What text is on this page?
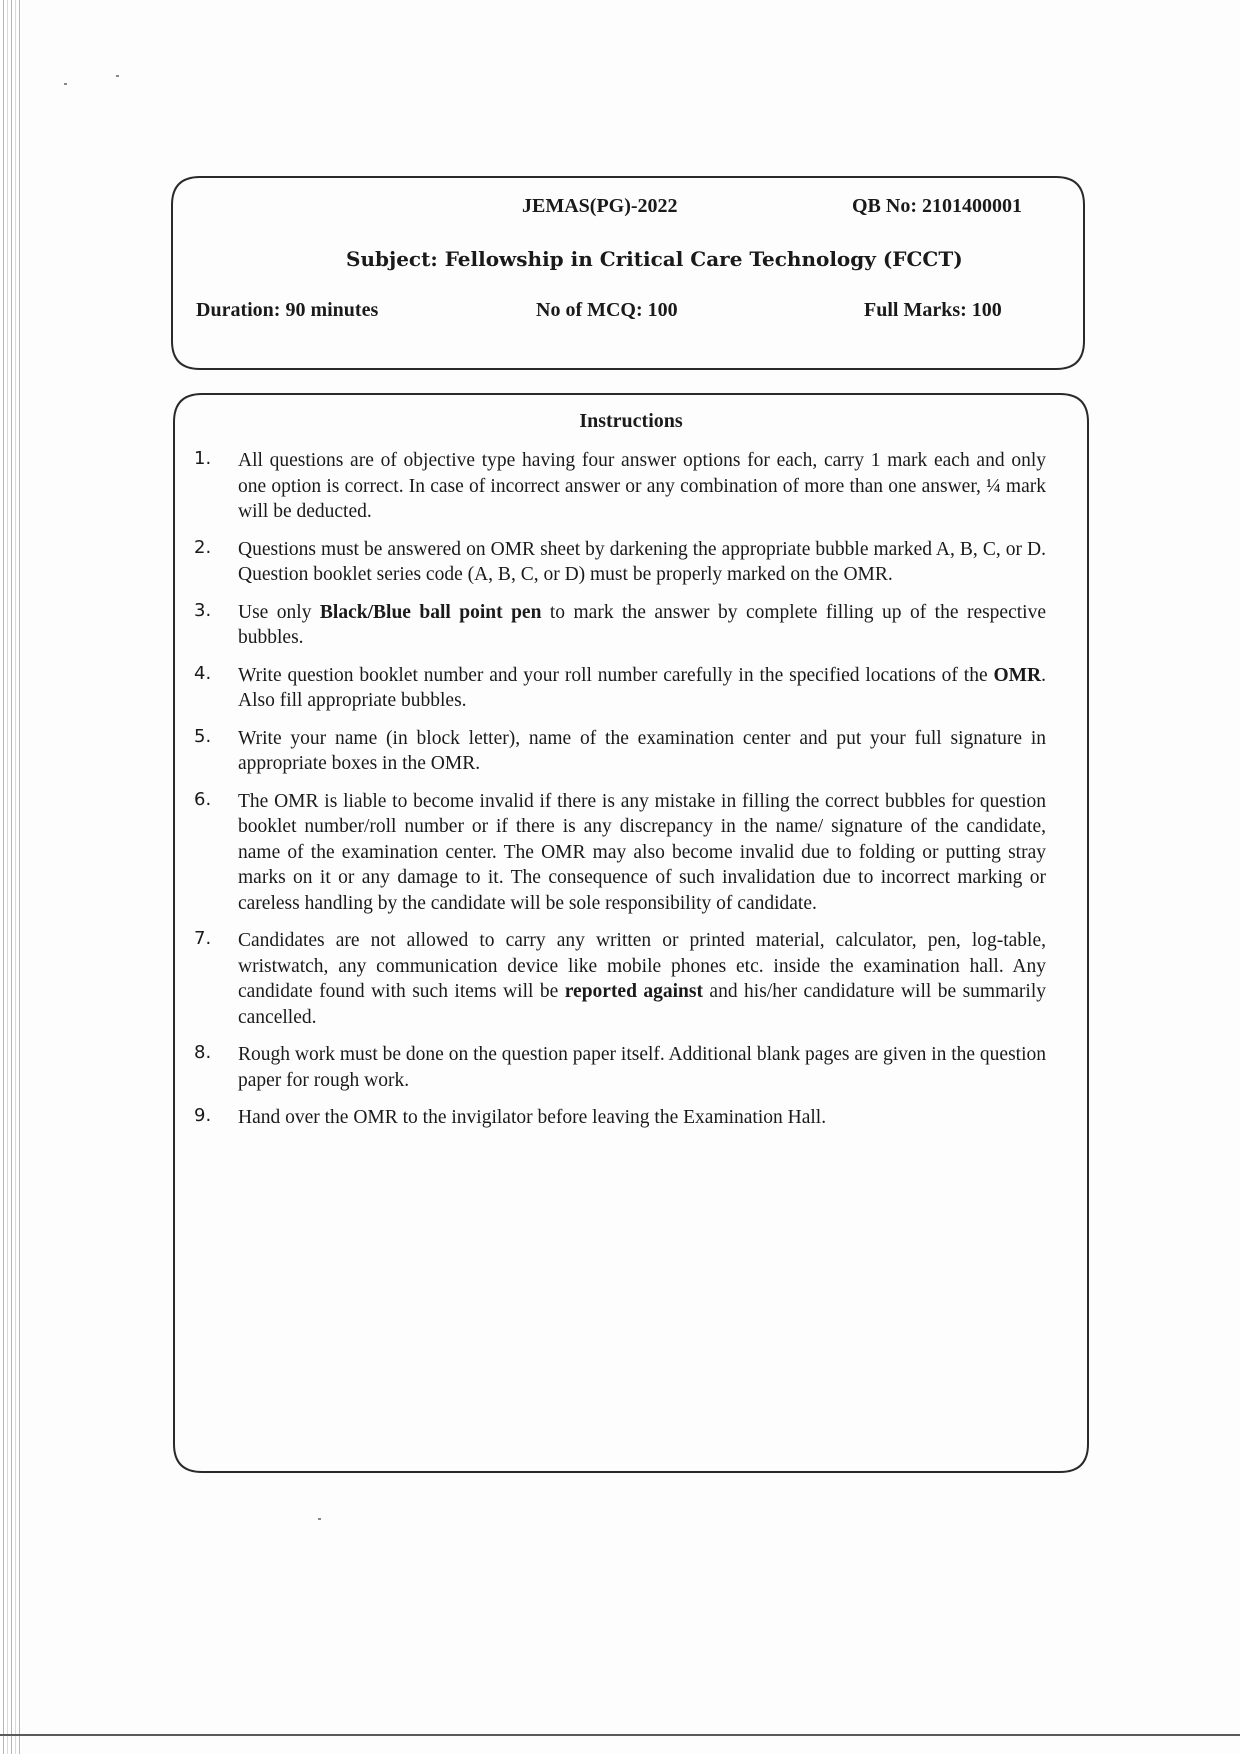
JEMAS(PG)-2022	QB No: 2101400001
Subject: Fellowship in Critical Care Technology (FCCT)
Duration: 90 minutes	No of MCQ: 100	Full Marks: 100
Instructions
1.	All questions are of objective type having four answer options for each, carry 1 mark each and only one option is correct. In case of incorrect answer or any combination of more than one answer, ¼ mark will be deducted.
2.	Questions must be answered on OMR sheet by darkening the appropriate bubble marked A, B, C, or D. Question booklet series code (A, B, C, or D) must be properly marked on the OMR.
3.	Use only Black/Blue ball point pen to mark the answer by complete filling up of the respective bubbles.
4.	Write question booklet number and your roll number carefully in the specified locations of the OMR. Also fill appropriate bubbles.
5.	Write your name (in block letter), name of the examination center and put your full signature in appropriate boxes in the OMR.
6.	The OMR is liable to become invalid if there is any mistake in filling the correct bubbles for question booklet number/roll number or if there is any discrepancy in the name/ signature of the candidate, name of the examination center. The OMR may also become invalid due to folding or putting stray marks on it or any damage to it. The consequence of such invalidation due to incorrect marking or careless handling by the candidate will be sole responsibility of candidate.
7.	Candidates are not allowed to carry any written or printed material, calculator, pen, log-table, wristwatch, any communication device like mobile phones etc. inside the examination hall. Any candidate found with such items will be reported against and his/her candidature will be summarily cancelled.
8.	Rough work must be done on the question paper itself. Additional blank pages are given in the question paper for rough work.
9.	Hand over the OMR to the invigilator before leaving the Examination Hall.
